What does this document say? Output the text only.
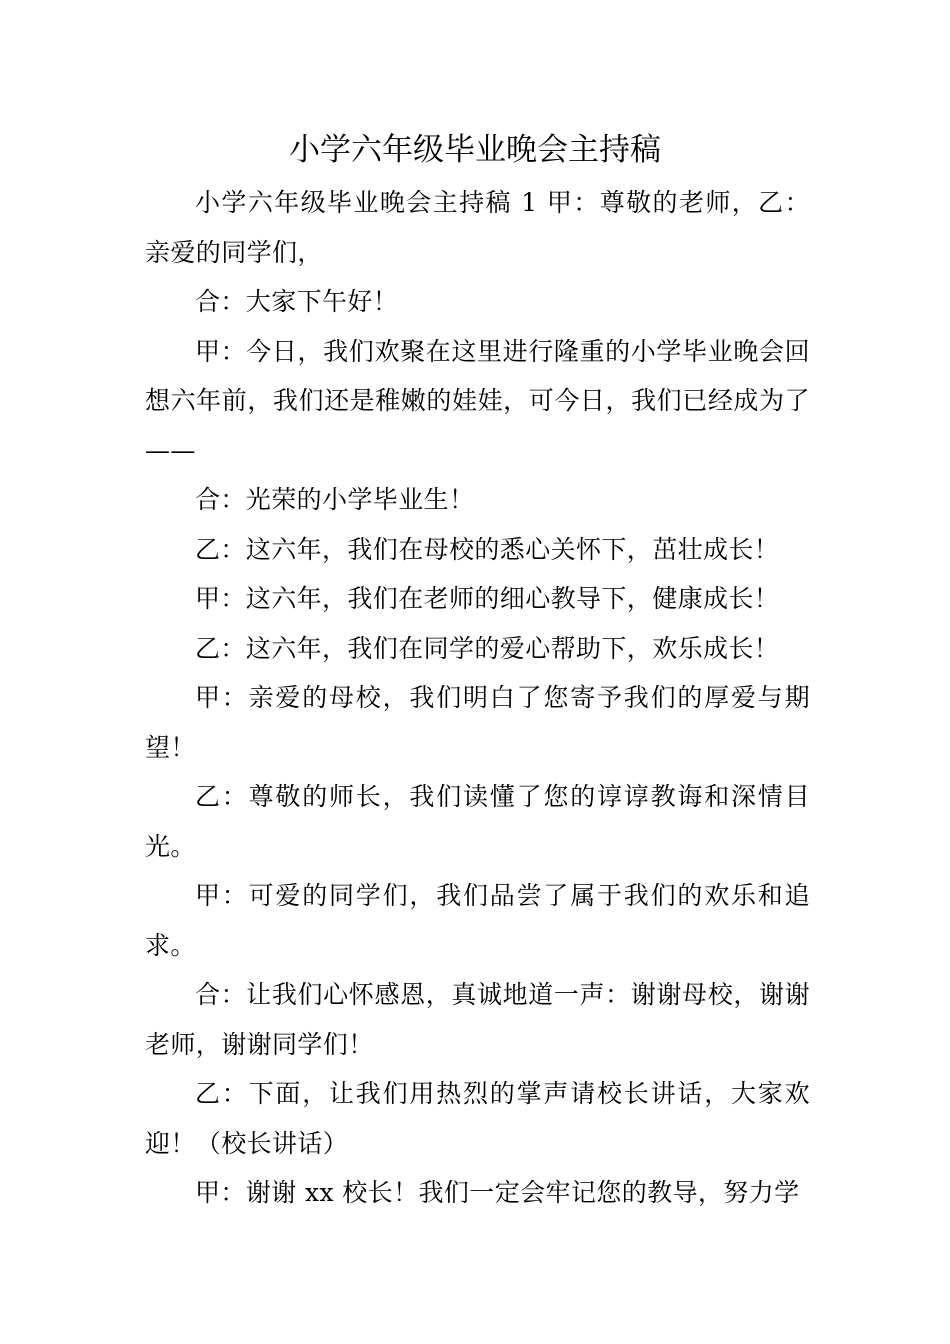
小学六年级毕业晚会主持稿

小学六年级毕业晚会主持稿 1 甲：尊敬的老师，乙：亲爱的同学们，

合：大家下午好！

甲：今日，我们欢聚在这里进行隆重的小学毕业晚会回想六年前，我们还是稚嫩的娃娃，可今日，我们已经成为了——

合：光荣的小学毕业生！

乙：这六年，我们在母校的悉心关怀下，茁壮成长！

甲：这六年，我们在老师的细心教导下，健康成长！

乙：这六年，我们在同学的爱心帮助下，欢乐成长！

甲：亲爱的母校，我们明白了您寄予我们的厚爱与期望！

乙：尊敬的师长，我们读懂了您的谆谆教诲和深情目光。

甲：可爱的同学们，我们品尝了属于我们的欢乐和追求。

合：让我们心怀感恩，真诚地道一声：谢谢母校，谢谢老师，谢谢同学们！

乙：下面，让我们用热烈的掌声请校长讲话，大家欢迎！（校长讲话）

甲：谢谢 xx 校长！我们一定会牢记您的教导，努力学
